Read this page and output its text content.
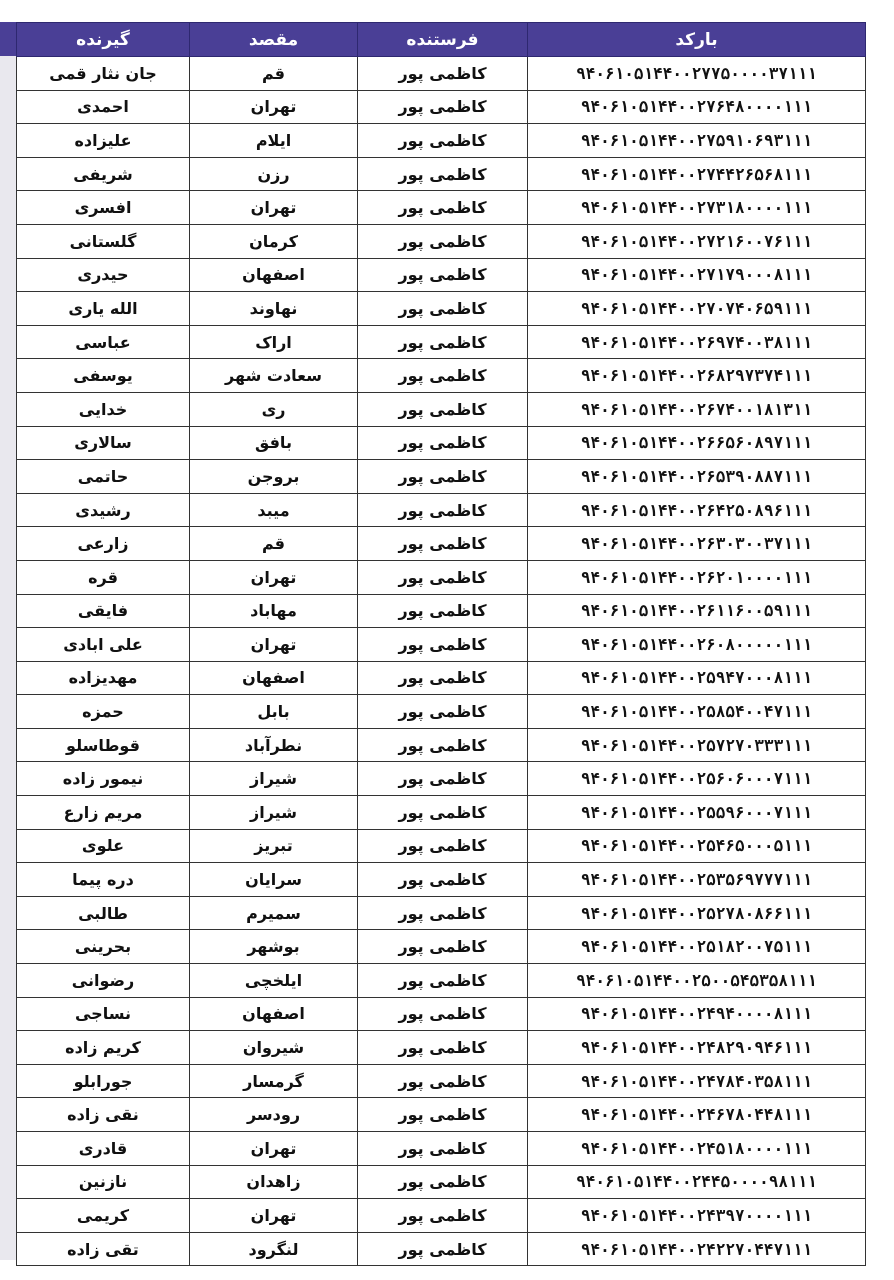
بارکد	فرستنده	مقصد	گیرنده
۹۴۰۶۱۰۵۱۴۴۰۰۲۷۷۵۰۰۰۰۳۷۱۱۱	کاظمی پور	قم	جان نثار قمی
۹۴۰۶۱۰۵۱۴۴۰۰۲۷۶۴۸۰۰۰۰۱۱۱	کاظمی پور	تهران	احمدی
۹۴۰۶۱۰۵۱۴۴۰۰۲۷۵۹۱۰۶۹۳۱۱۱	کاظمی پور	ایلام	علیزاده
۹۴۰۶۱۰۵۱۴۴۰۰۲۷۴۴۲۶۵۶۸۱۱۱	کاظمی پور	رزن	شریفی
۹۴۰۶۱۰۵۱۴۴۰۰۲۷۳۱۸۰۰۰۰۱۱۱	کاظمی پور	تهران	افسری
۹۴۰۶۱۰۵۱۴۴۰۰۲۷۲۱۶۰۰۷۶۱۱۱	کاظمی پور	کرمان	گلستانی
۹۴۰۶۱۰۵۱۴۴۰۰۲۷۱۷۹۰۰۰۸۱۱۱	کاظمی پور	اصفهان	حیدری
۹۴۰۶۱۰۵۱۴۴۰۰۲۷۰۷۴۰۶۵۹۱۱۱	کاظمی پور	نهاوند	الله یاری
۹۴۰۶۱۰۵۱۴۴۰۰۲۶۹۷۴۰۰۳۸۱۱۱	کاظمی پور	اراک	عباسی
۹۴۰۶۱۰۵۱۴۴۰۰۲۶۸۲۹۷۳۷۴۱۱۱	کاظمی پور	سعادت شهر	یوسفی
۹۴۰۶۱۰۵۱۴۴۰۰۲۶۷۴۰۰۱۸۱۳۱۱	کاظمی پور	ری	خدایی
۹۴۰۶۱۰۵۱۴۴۰۰۲۶۶۵۶۰۸۹۷۱۱۱	کاظمی پور	بافق	سالاری
۹۴۰۶۱۰۵۱۴۴۰۰۲۶۵۳۹۰۸۸۷۱۱۱	کاظمی پور	بروجن	حاتمی
۹۴۰۶۱۰۵۱۴۴۰۰۲۶۴۲۵۰۸۹۶۱۱۱	کاظمی پور	میبد	رشیدی
۹۴۰۶۱۰۵۱۴۴۰۰۲۶۳۰۳۰۰۳۷۱۱۱	کاظمی پور	قم	زارعی
۹۴۰۶۱۰۵۱۴۴۰۰۲۶۲۰۱۰۰۰۰۱۱۱	کاظمی پور	تهران	قره
۹۴۰۶۱۰۵۱۴۴۰۰۲۶۱۱۶۰۰۵۹۱۱۱	کاظمی پور	مهاباد	فایقی
۹۴۰۶۱۰۵۱۴۴۰۰۲۶۰۸۰۰۰۰۰۱۱۱	کاظمی پور	تهران	علی ابادی
۹۴۰۶۱۰۵۱۴۴۰۰۲۵۹۴۷۰۰۰۸۱۱۱	کاظمی پور	اصفهان	مهدیزاده
۹۴۰۶۱۰۵۱۴۴۰۰۲۵۸۵۴۰۰۴۷۱۱۱	کاظمی پور	بابل	حمزه
۹۴۰۶۱۰۵۱۴۴۰۰۲۵۷۲۷۰۳۳۳۱۱۱	کاظمی پور	نطرآباد	قوطاسلو
۹۴۰۶۱۰۵۱۴۴۰۰۲۵۶۰۶۰۰۰۷۱۱۱	کاظمی پور	شیراز	نیمور زاده
۹۴۰۶۱۰۵۱۴۴۰۰۲۵۵۹۶۰۰۰۷۱۱۱	کاظمی پور	شیراز	مریم زارع
۹۴۰۶۱۰۵۱۴۴۰۰۲۵۴۶۵۰۰۰۵۱۱۱	کاظمی پور	تبریز	علوی
۹۴۰۶۱۰۵۱۴۴۰۰۲۵۳۵۶۹۷۷۷۱۱۱	کاظمی پور	سرایان	دره پیما
۹۴۰۶۱۰۵۱۴۴۰۰۲۵۲۷۸۰۸۶۶۱۱۱	کاظمی پور	سمیرم	طالبی
۹۴۰۶۱۰۵۱۴۴۰۰۲۵۱۸۲۰۰۷۵۱۱۱	کاظمی پور	بوشهر	بحرینی
۹۴۰۶۱۰۵۱۴۴۰۰۲۵۰۰۵۴۵۳۵۸۱۱۱	کاظمی پور	ایلخچی	رضوانی
۹۴۰۶۱۰۵۱۴۴۰۰۲۴۹۴۰۰۰۰۸۱۱۱	کاظمی پور	اصفهان	نساجی
۹۴۰۶۱۰۵۱۴۴۰۰۲۴۸۲۹۰۹۴۶۱۱۱	کاظمی پور	شیروان	کریم زاده
۹۴۰۶۱۰۵۱۴۴۰۰۲۴۷۸۴۰۳۵۸۱۱۱	کاظمی پور	گرمسار	جورابلو
۹۴۰۶۱۰۵۱۴۴۰۰۲۴۶۷۸۰۴۴۸۱۱۱	کاظمی پور	رودسر	نقی زاده
۹۴۰۶۱۰۵۱۴۴۰۰۲۴۵۱۸۰۰۰۰۱۱۱	کاظمی پور	تهران	قادری
۹۴۰۶۱۰۵۱۴۴۰۰۲۴۴۵۰۰۰۰۹۸۱۱۱	کاظمی پور	زاهدان	نازنین
۹۴۰۶۱۰۵۱۴۴۰۰۲۴۳۹۷۰۰۰۰۱۱۱	کاظمی پور	تهران	کریمی
۹۴۰۶۱۰۵۱۴۴۰۰۲۴۲۲۷۰۴۴۷۱۱۱	کاظمی پور	لنگرود	تقی زاده
